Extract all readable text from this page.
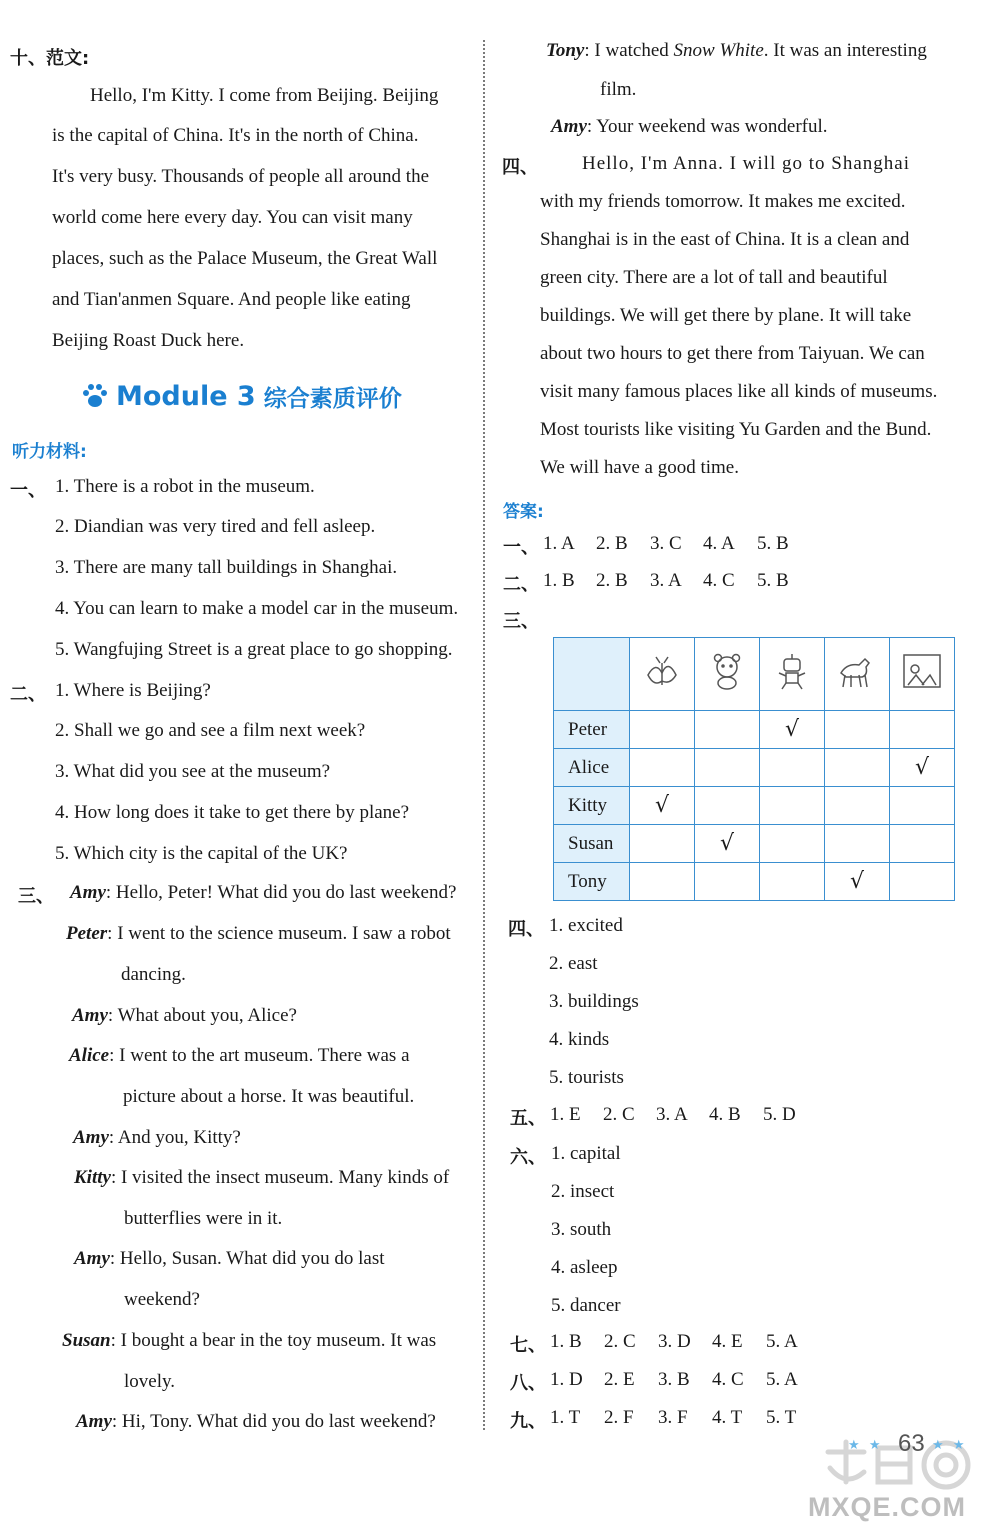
十、范文:
Hello, I'm Kitty. I come from Beijing. Beijing
is the capital of China. It's in the north of China.
It's very busy. Thousands of people all around the
world come here every day. You can visit many
places, such as the Palace Museum, the Great Wall
and Tian'anmen Square. And people like eating
Beijing Roast Duck here.
Module 3 综合素质评价
听力材料:
一、 1. There is a robot in the museum.
2. Diandian was very tired and fell asleep.
3. There are many tall buildings in Shanghai.
4. You can learn to make a model car in the museum.
5. Wangfujing Street is a great place to go shopping.
二、 1. Where is Beijing?
2. Shall we go and see a film next week?
3. What did you see at the museum?
4. How long does it take to get there by plane?
5. Which city is the capital of the UK?
三、 Amy: Hello, Peter! What did you do last weekend?
Peter: I went to the science museum. I saw a robot
dancing.
Amy: What about you, Alice?
Alice: I went to the art museum. There was a
picture about a horse. It was beautiful.
Amy: And you, Kitty?
Kitty: I visited the insect museum. Many kinds of
butterflies were in it.
Amy: Hello, Susan. What did you do last
weekend?
Susan: I bought a bear in the toy museum. It was
lovely.
Amy: Hi, Tony. What did you do last weekend?
Tony: I watched Snow White. It was an interesting
film.
Amy: Your weekend was wonderful.
四、 Hello, I'm Anna. I will go to Shanghai
with my friends tomorrow. It makes me excited.
Shanghai is in the east of China. It is a clean and
green city. There are a lot of tall and beautiful
buildings. We will get there by plane. It will take
about two hours to get there from Taiyuan. We can
visit many famous places like all kinds of museums.
Most tourists like visiting Yu Garden and the Bund.
We will have a good time.
答案:
一、 1. A 2. B 3. C 4. A 5. B
二、 1. B 2. B 3. A 4. C 5. B
三、

Peter			√		
Alice					√
Kitty	√				
Susan		√			
Tony				√	
四、 1. excited
2. east
3. buildings
4. kinds
5. tourists
五、 1. E 2. C 3. A 4. B 5. D
六、 1. capital
2. insect
3. south
4. asleep
5. dancer
七、 1. B 2. C 3. D 4. E 5. A
八、 1. D 2. E 3. B 4. C 5. A
九、 1. T 2. F 3. F 4. T 5. T
★ ★	★ ★
63
MXQE.COM
